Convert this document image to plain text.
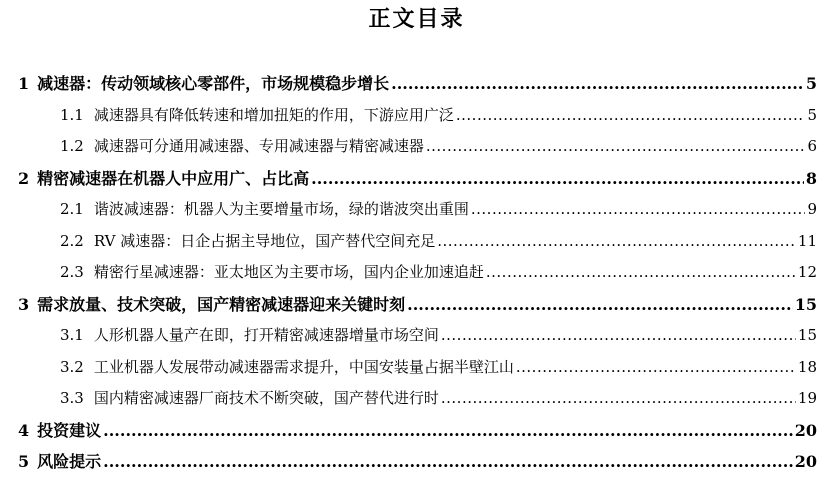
正文目录
1 减速器：传动领域核心零部件，市场规模稳步增长 .....	5
1.1 减速器具有降低转速和增加扭矩的作用，下游应用广泛 .....	5
1.2 减速器可分通用减速器、专用减速器与精密减速器 .....	6
2 精密减速器在机器人中应用广、占比高 .....	8
2.1 谐波减速器：机器人为主要增量市场，绿的谐波突出重围 .....	9
2.2 RV 减速器：日企占据主导地位，国产替代空间充足 .....	11
2.3 精密行星减速器：亚太地区为主要市场，国内企业加速追赶 .....	12
3 需求放量、技术突破，国产精密减速器迎来关键时刻 .....	15
3.1 人形机器人量产在即，打开精密减速器增量市场空间 .....	15
3.2 工业机器人发展带动减速器需求提升，中国安装量占据半壁江山 .....	18
3.3 国内精密减速器厂商技术不断突破，国产替代进行时 .....	19
4 投资建议 .....	20
5 风险提示 .....	20
